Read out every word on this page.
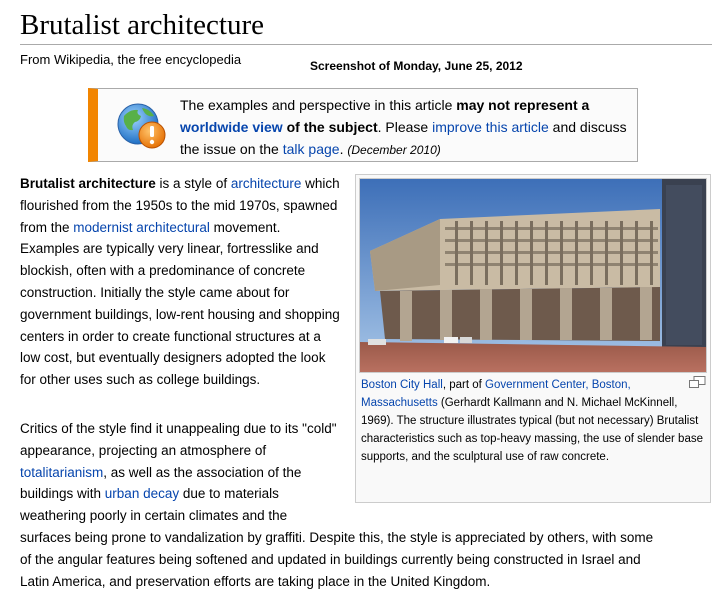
Brutalist architecture
From Wikipedia, the free encyclopedia	Screenshot of Monday, June 25, 2012
The examples and perspective in this article may not represent a worldwide view of the subject. Please improve this article and discuss the issue on the talk page. (December 2010)

Brutalist architecture is a style of architecture which flourished from the 1950s to the mid 1970s, spawned from the modernist architectural movement. Examples are typically very linear, fortresslike and blockish, often with a predominance of concrete construction. Initially the style came about for government buildings, low-rent housing and shopping centers in order to create functional structures at a low cost, but eventually designers adopted the look for other uses such as college buildings.

Critics of the style find it unappealing due to its "cold" appearance, projecting an atmosphere of totalitarianism, as well as the association of the buildings with urban decay due to materials weathering poorly in certain climates and the

surfaces being prone to vandalization by graffiti. Despite this, the style is appreciated by others, with some
of the angular features being softened and updated in buildings currently being constructed in Israel and
Latin America, and preservation efforts are taking place in the United Kingdom.
Boston City Hall, part of Government Center, Boston, Massachusetts (Gerhardt Kallmann and N. Michael McKinnell, 1969). The structure illustrates typical (but not necessary) Brutalist characteristics such as top-heavy massing, the use of slender base supports, and the sculptural use of raw concrete.
